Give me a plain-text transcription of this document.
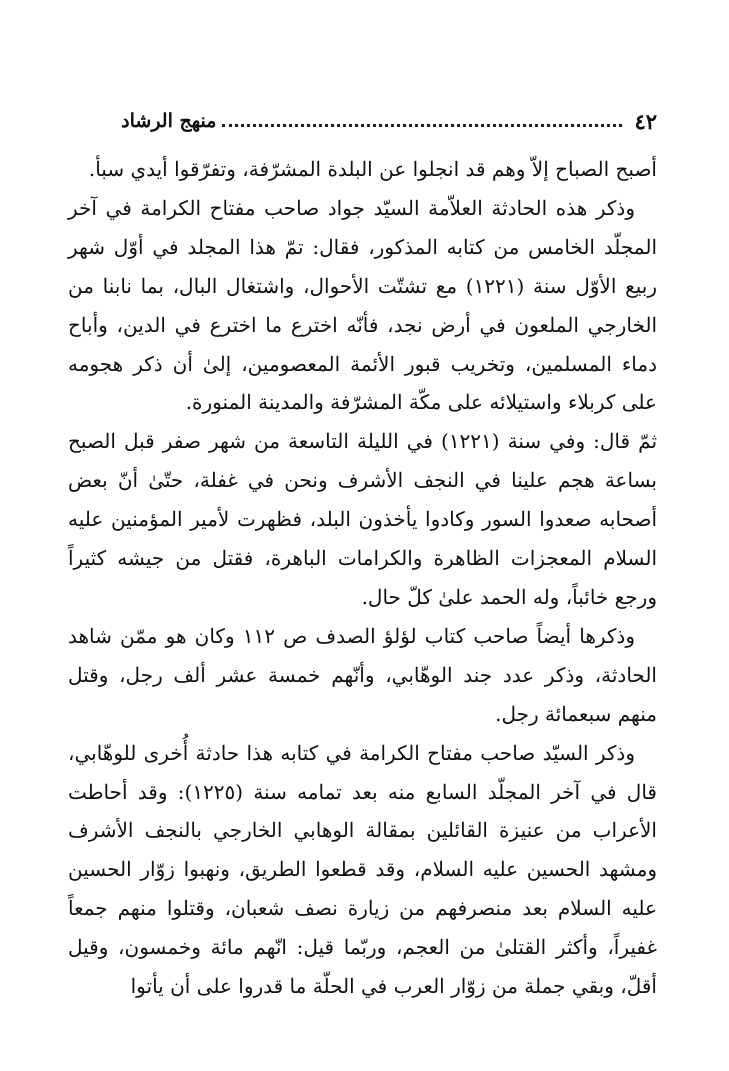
٤٢
منهج الرشاد

أصبح الصباح إلاّ وهم قد انجلوا عن البلدة المشرّفة، وتفرّقوا أيدي سبأ.

وذكر هذه الحادثة العلاّمة السيّد جواد صاحب مفتاح الكرامة في آخر المجلّد الخامس من كتابه المذكور، فقال: تمّ هذا المجلد في أوّل شهر ربيع الأوّل سنة (١٢٢١) مع تشتّت الأحوال، واشتغال البال، بما نابنا من الخارجي الملعون في أرض نجد، فأنّه اخترع ما اخترع في الدين، وأباح دماء المسلمين، وتخريب قبور الأئمة المعصومين، إلىٰ أن ذكر هجومه على كربلاء واستيلائه على مكّة المشرّفة والمدينة المنورة.

ثمّ قال: وفي سنة (١٢٢١) في الليلة التاسعة من شهر صفر قبل الصبح بساعة هجم علينا في النجف الأشرف ونحن في غفلة، حتّىٰ أنّ بعض أصحابه صعدوا السور وكادوا يأخذون البلد، فظهرت لأمير المؤمنين عليه السلام المعجزات الظاهرة والكرامات الباهرة، فقتل من جيشه كثيراً ورجع خائباً، وله الحمد علىٰ كلّ حال.

وذكرها أيضاً صاحب كتاب لؤلؤ الصدف ص ١١٢ وكان هو ممّن شاهد الحادثة، وذكر عدد جند الوهّابي، وأنّهم خمسة عشر ألف رجل، وقتل منهم سبعمائة رجل.

وذكر السيّد صاحب مفتاح الكرامة في كتابه هذا حادثة أُخرى للوهّابي، قال في آخر المجلّد السابع منه بعد تمامه سنة (١٢٢٥): وقد أحاطت الأعراب من عنيزة القائلين بمقالة الوهابي الخارجي بالنجف الأشرف ومشهد الحسين عليه السلام، وقد قطعوا الطريق، ونهبوا زوّار الحسين عليه السلام بعد منصرفهم من زيارة نصف شعبان، وقتلوا منهم جمعاً غفيراً، وأكثر القتلىٰ من العجم، وربّما قيل: انّهم مائة وخمسون، وقيل أقلّ، وبقي جملة من زوّار العرب في الحلّة ما قدروا على أن يأتوا
